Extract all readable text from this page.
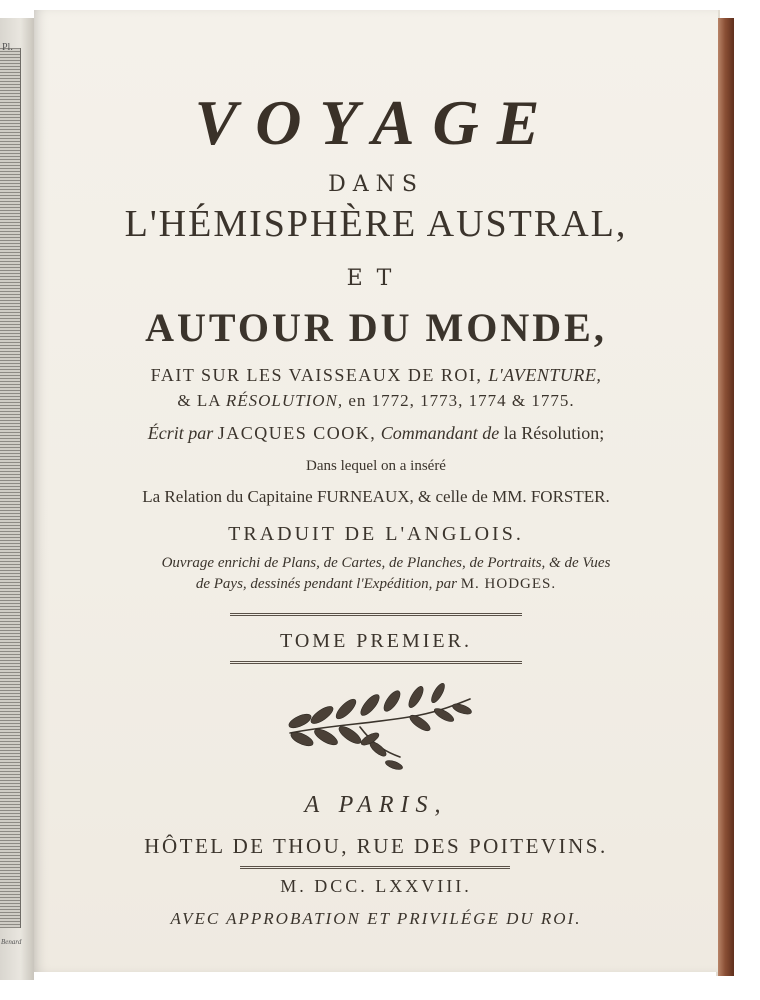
Pl.
Benard

VOYAGE

DANS

L'HÉMISPHÈRE AUSTRAL,

ET

AUTOUR DU MONDE,

FAIT SUR LES VAISSEAUX DE ROI, L'AVENTURE,

& LA RÉSOLUTION, en 1772, 1773, 1774 & 1775.

Écrit par JACQUES COOK, Commandant de la Résolution;

Dans lequel on a inséré

La Relation du Capitaine FURNEAUX, & celle de MM. FORSTER.

TRADUIT DE L'ANGLOIS.

Ouvrage enrichi de Plans, de Cartes, de Planches, de Portraits, & de Vues

de Pays, dessinés pendant l'Expédition, par M. HODGES.

TOME PREMIER.

A PARIS,

HÔTEL DE THOU, RUE DES POITEVINS.

M. DCC. LXXVIII.

AVEC APPROBATION ET PRIVILÉGE DU ROI.
